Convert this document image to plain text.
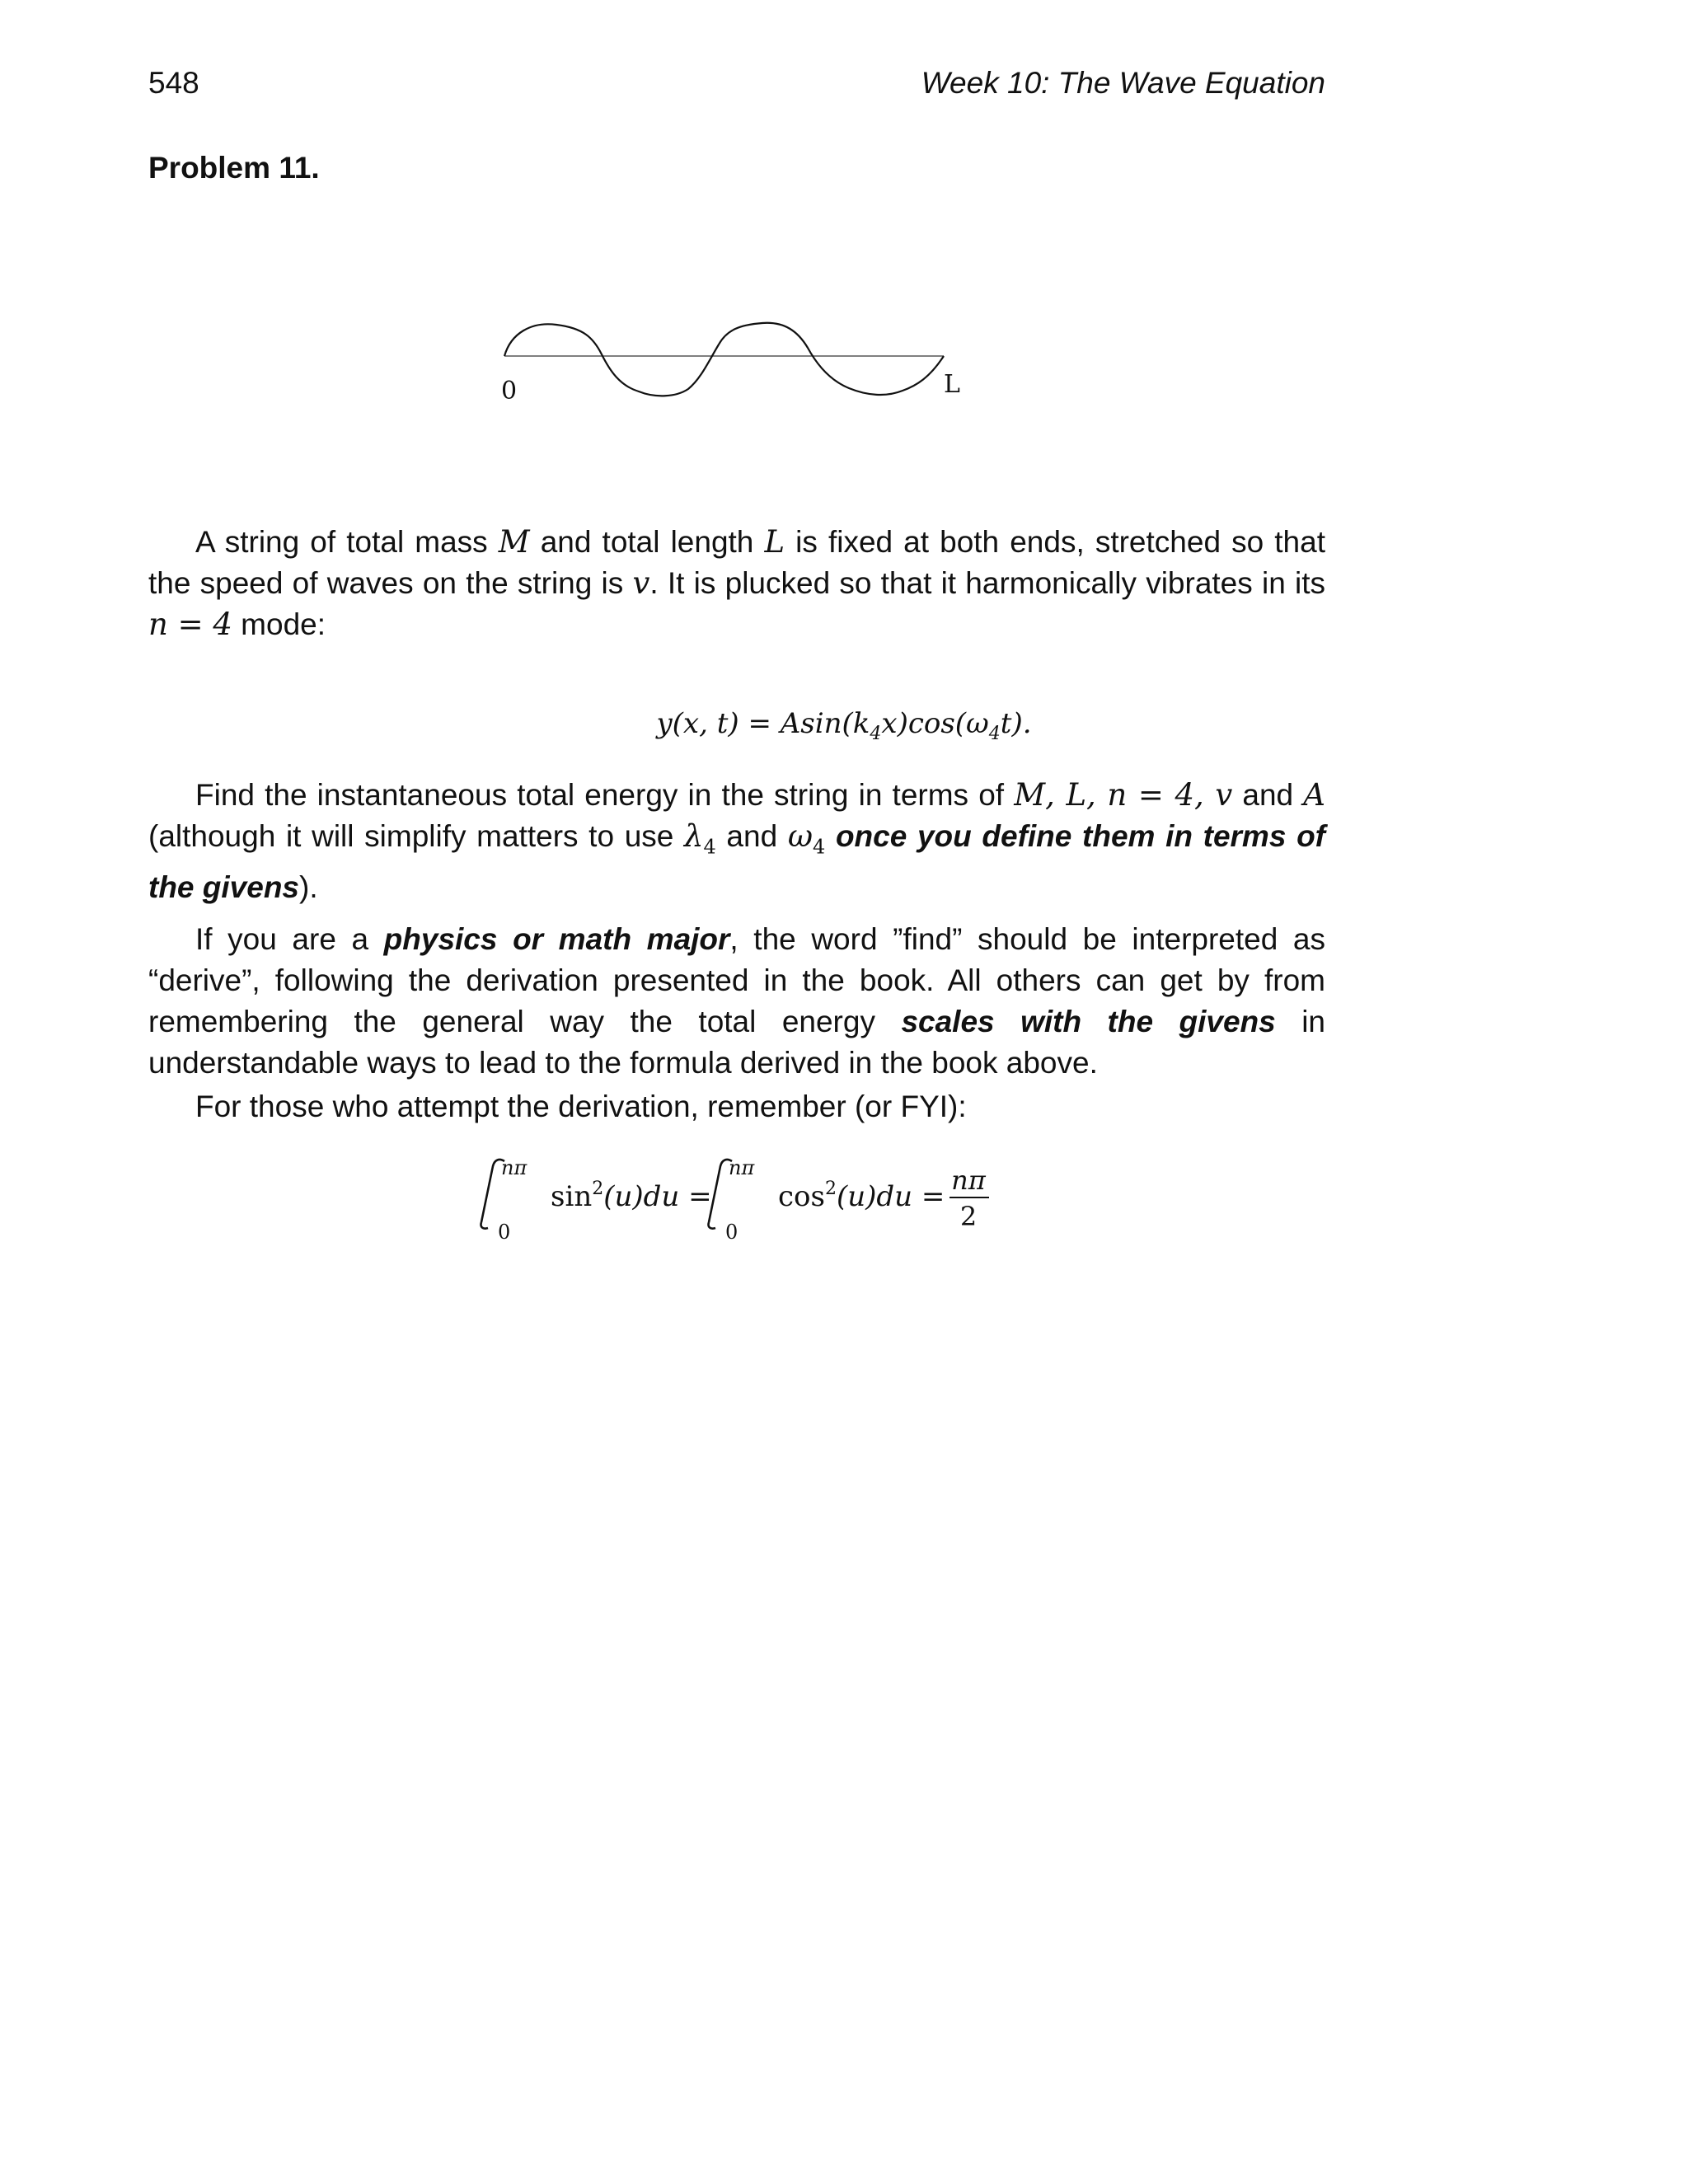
548	Week 10: The Wave Equation
Problem 11.
0	L
A string of total mass M and total length L is fixed at both ends, stretched so that the speed of waves on the string is v. It is plucked so that it harmonically vibrates in its n = 4 mode:
y(x, $t) = Asin(k_4x)\cos(\omega_4t)$.
Find the instantaneous total energy in the string in terms of M, L, n = 4, v and A (although it will simplify matters to use $\lambda_4$ and $\omega_4$ once you define them in terms of the givens).
If you are a physics or math major, the word ”find” should be interpreted as “derive”, following the derivation presented in the book. All others can get by from remembering the general way the total energy scales with the givens in understandable ways to lead to the formula derived in the book above.
For those who attempt the derivation, remember (or FYI):
nπ
0
$\sin^2(u)du$ =
nπ
0
$\cos^2(u)du = n\pi$
2
